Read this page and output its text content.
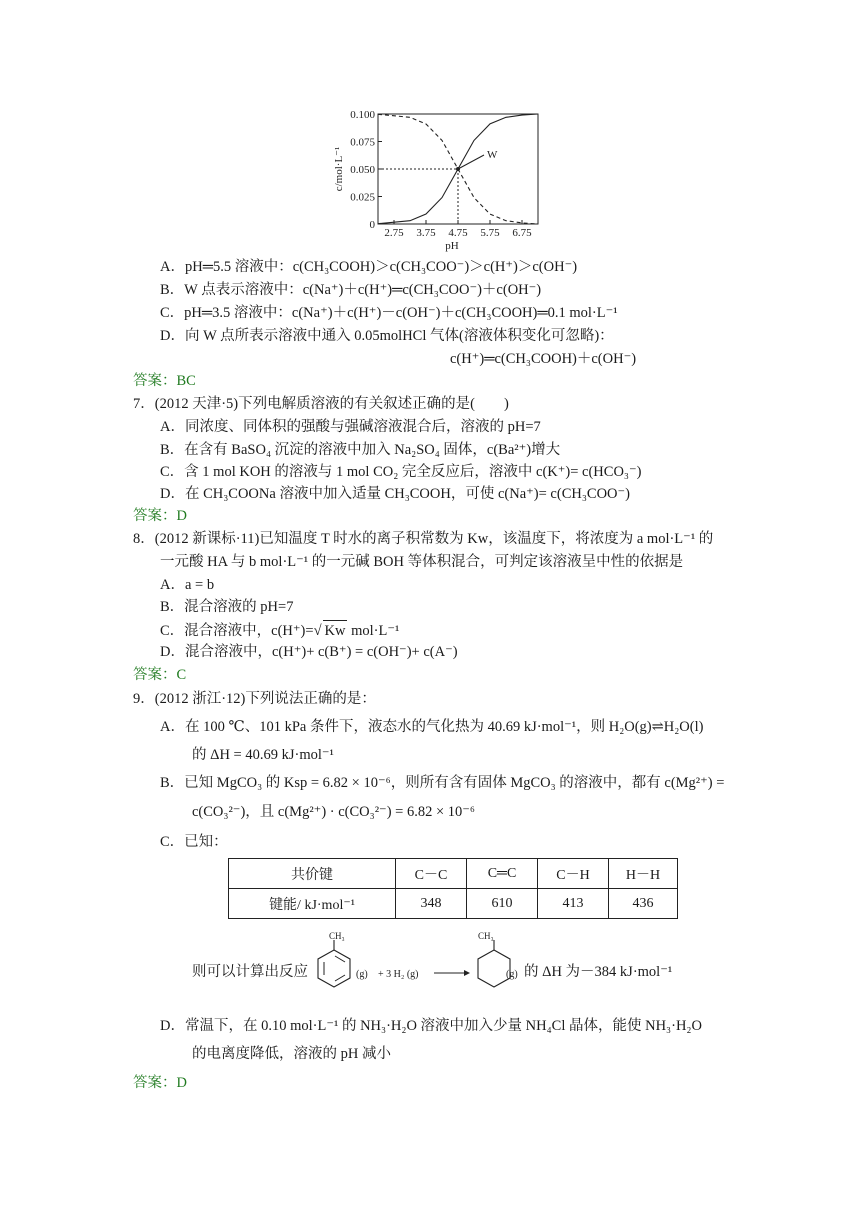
0
0.025
0.050
0.075
0.100
2.75 3.75 4.75 5.75 6.75
pH
c/mol·L⁻¹	W
A．pH═5.5 溶液中：c(CH₃COOH)＞c(CH₃COO⁻)＞c(H⁺)＞c(OH⁻)
B．W 点表示溶液中：c(Na⁺)＋c(H⁺)═c(CH₃COO⁻)＋c(OH⁻)
C．pH═3.5 溶液中：c(Na⁺)＋c(H⁺)－c(OH⁻)＋c(CH₃COOH)═0.1 mol·L⁻¹
D．向 W 点所表示溶液中通入 0.05molHCl 气体(溶液体积变化可忽略)：
c(H⁺)═c(CH₃COOH)＋c(OH⁻)
答案：BC
7．(2012 天津·5)下列电解质溶液的有关叙述正确的是(　　)
A．同浓度、同体积的强酸与强碱溶液混合后，溶液的 pH=7
B．在含有 BaSO₄ 沉淀的溶液中加入 Na₂SO₄ 固体，c(Ba²⁺)增大
C．含 1 mol KOH 的溶液与 1 mol CO₂ 完全反应后，溶液中 c(K⁺)= c(HCO₃⁻)
D．在 CH₃COONa 溶液中加入适量 CH₃COOH，可使 c(Na⁺)= c(CH₃COO⁻)
答案：D
8．(2012 新课标·11)已知温度 T 时水的离子积常数为 Kw，该温度下，将浓度为 a mol·L⁻¹ 的
一元酸 HA 与 b mol·L⁻¹ 的一元碱 BOH 等体积混合，可判定该溶液呈中性的依据是
A．a = b
B．混合溶液的 pH=7
C．混合溶液中，c(H⁺)=√ Kw mol·L⁻¹
D．混合溶液中，c(H⁺)+ c(B⁺) = c(OH⁻)+ c(A⁻)
答案：C
9．(2012 浙江·12)下列说法正确的是：
A．在 100 ℃、101 kPa 条件下，液态水的气化热为 40.69 kJ·mol⁻¹，则 H₂O(g)⇌H₂O(l)
的 ΔH = 40.69 kJ·mol⁻¹
B．已知 MgCO₃ 的 Ksp = 6.82 × 10⁻⁶，则所有含有固体 MgCO₃ 的溶液中，都有 c(Mg²⁺) =
c(CO₃²⁻)，且 c(Mg²⁺) · c(CO₃²⁻) = 6.82 × 10⁻⁶
C．已知：
共价键	C－C	C═C	C－H	H－H
键能/ kJ·mol⁻¹	348	610	413	436
则可以计算出反应
CH₃
(g) + 3 H₂ (g)
CH₃
(g) 的 ΔH 为－384 kJ·mol⁻¹
D．常温下，在 0.10 mol·L⁻¹ 的 NH₃·H₂O 溶液中加入少量 NH₄Cl 晶体，能使 NH₃·H₂O
的电离度降低，溶液的 pH 减小
答案：D
